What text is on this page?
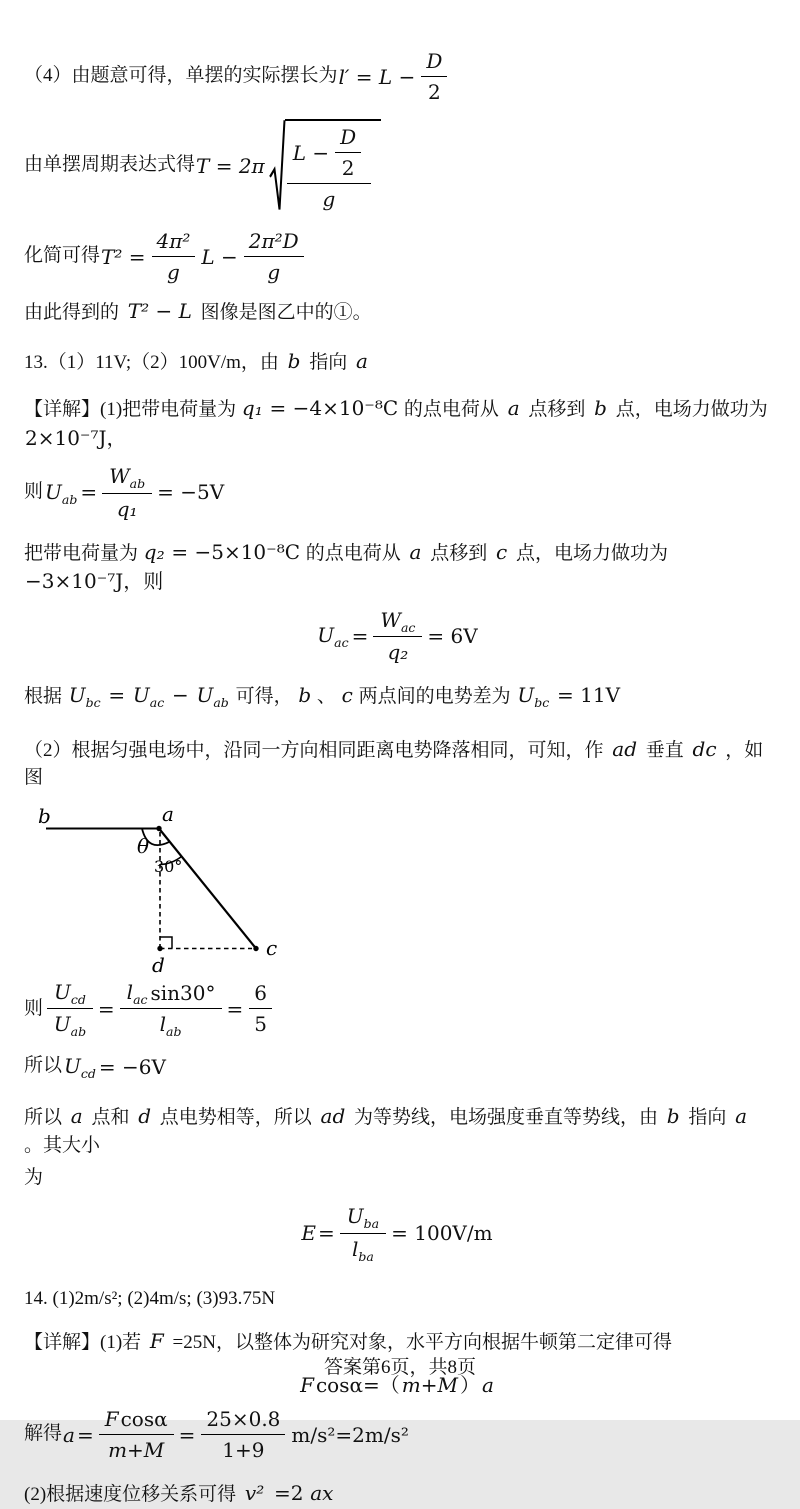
（4）由题意可得，单摆的实际摆长为 $l' = L - \frac{D}{2}$

由单摆周期表达式得 $T = 2\pi \frac{L - \frac{D}{2}}{g}$

化简可得 $T^2 = \frac{\text{4π²}}{g}$ $L - \frac{\text{2π²D}}{g}$

由此得到的 T² − L 图像是图乙中的①。

13.（1）11V;（2）100V/m，由 b 指向 a

【详解】(1)把带电荷量为 q₁ = −4×10⁻⁸C 的点电荷从 a 点移到 b 点，电场力做功为 2×10⁻⁷J，

则 $U_{ab} = \frac{W_{ab}}{\text{q₁}} = -5V$

把带电荷量为 q₂ = −5×10⁻⁸C 的点电荷从 a 点移到 c 点，电场力做功为 −3×10⁻⁷J，则

$U_{ac} = \frac{W_{ac}}{\text{q₂}} = 6V$

根据 $U_{bc} = U_{ac} - U_{ab}$ 可得， b 、 c 两点间的电势差为 $U_{bc} = 11V$

（2）根据匀强电场中，沿同一方向相同距离电势降落相同，可知，作 ad 垂直 dc ，如图

b	a
θ
30°
c
d

则 $\frac{U_{cd}}{U_{ab}} = \frac{l_{ac} \sin 30^\circ}{l_{ab}} = \frac{6}{5}$

所以 $U_{cd} = -6V$

所以 a 点和 d 点电势相等，所以 ad 为等势线，电场强度垂直等势线，由 b 指向 a 。其大小

为

$E = \frac{U_{ba}}{l_{ba}} = 100V/m$

14. (1)2m/s²; (2)4m/s; (3)93.75N

【详解】(1)若 F =25N，以整体为研究对象，水平方向根据牛顿第二定律可得

F cosα=（ m+M ） a

解得 $a = \frac{\text{F cosα}}{m+M} = \frac{25\times 0.8}{1+9} m/s^2=2m/s^2$

(2)根据速度位移关系可得 v² =2 ax

答案第6页，共8页
